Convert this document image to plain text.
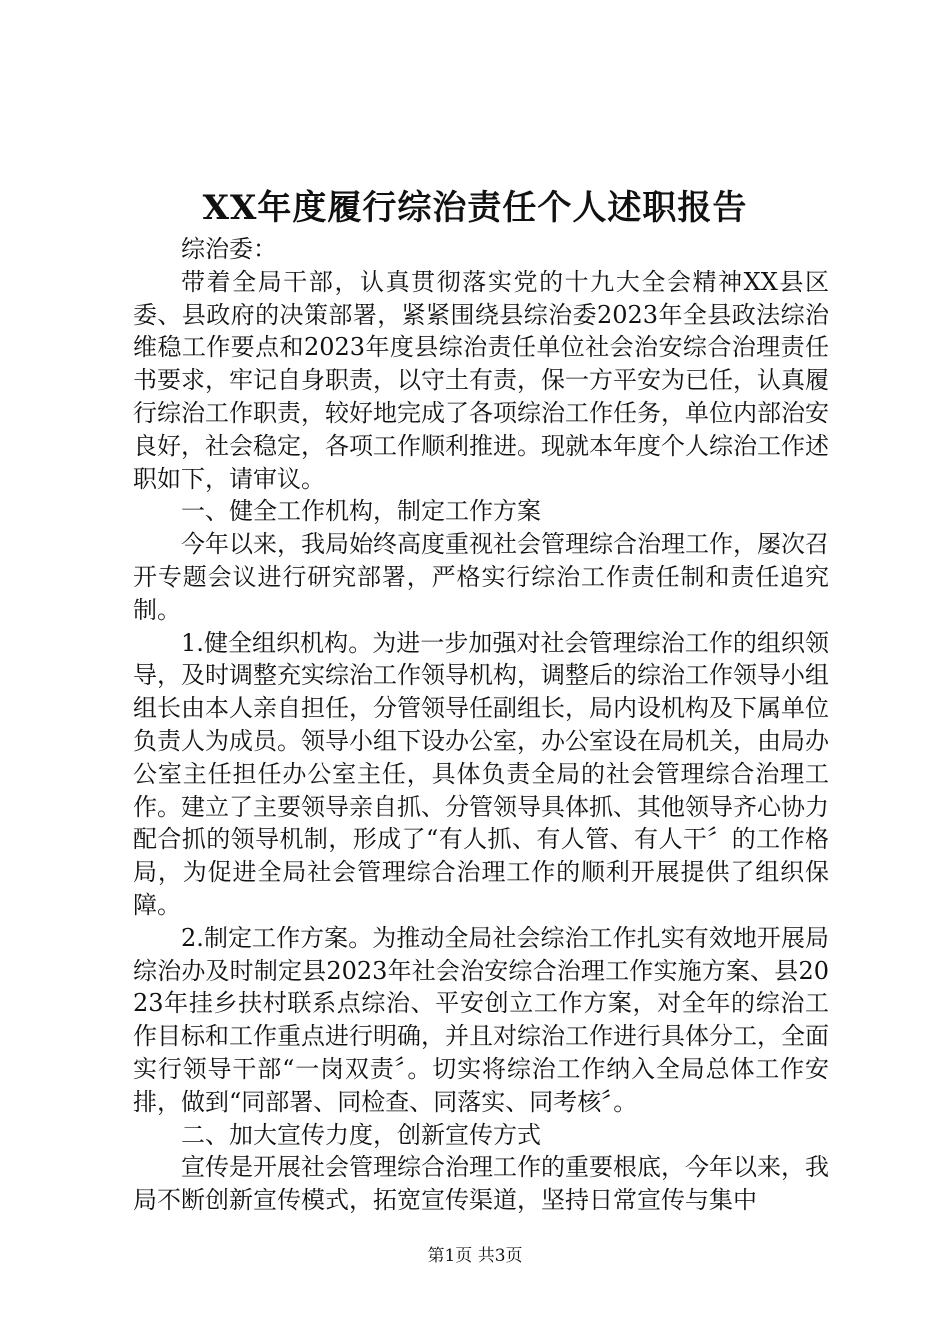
XX年度履行综治责任个人述职报告

综治委：

带着全局干部，认真贯彻落实党的十九大全会精神XX县区委、县政府的决策部署，紧紧围绕县综治委2023年全县政法综治维稳工作要点和2023年度县综治责任单位社会治安综合治理责任书要求，牢记自身职责，以守土有责，保一方平安为已任，认真履行综治工作职责，较好地完成了各项综治工作任务，单位内部治安良好，社会稳定，各项工作顺利推进。现就本年度个人综治工作述职如下，请审议。

一、健全工作机构，制定工作方案

今年以来，我局始终高度重视社会管理综合治理工作，屡次召开专题会议进行研究部署，严格实行综治工作责任制和责任追究制。

1.健全组织机构。为进一步加强对社会管理综治工作的组织领导，及时调整充实综治工作领导机构，调整后的综治工作领导小组组长由本人亲自担任，分管领导任副组长，局内设机构及下属单位负责人为成员。领导小组下设办公室，办公室设在局机关，由局办公室主任担任办公室主任，具体负责全局的社会管理综合治理工作。建立了主要领导亲自抓、分管领导具体抓、其他领导齐心协力配合抓的领导机制，形成了“有人抓、有人管、有人干〞的工作格局，为促进全局社会管理综合治理工作的顺利开展提供了组织保障。

2.制定工作方案。为推动全局社会综治工作扎实有效地开展局综治办及时制定县2023年社会治安综合治理工作实施方案、县2023年挂乡扶村联系点综治、平安创立工作方案，对全年的综治工作目标和工作重点进行明确，并且对综治工作进行具体分工，全面实行领导干部“一岗双责〞。切实将综治工作纳入全局总体工作安排，做到“同部署、同检查、同落实、同考核〞。

二、加大宣传力度，创新宣传方式

宣传是开展社会管理综合治理工作的重要根底，今年以来，我局不断创新宣传模式，拓宽宣传渠道，坚持日常宣传与集中

第1页 共3页
